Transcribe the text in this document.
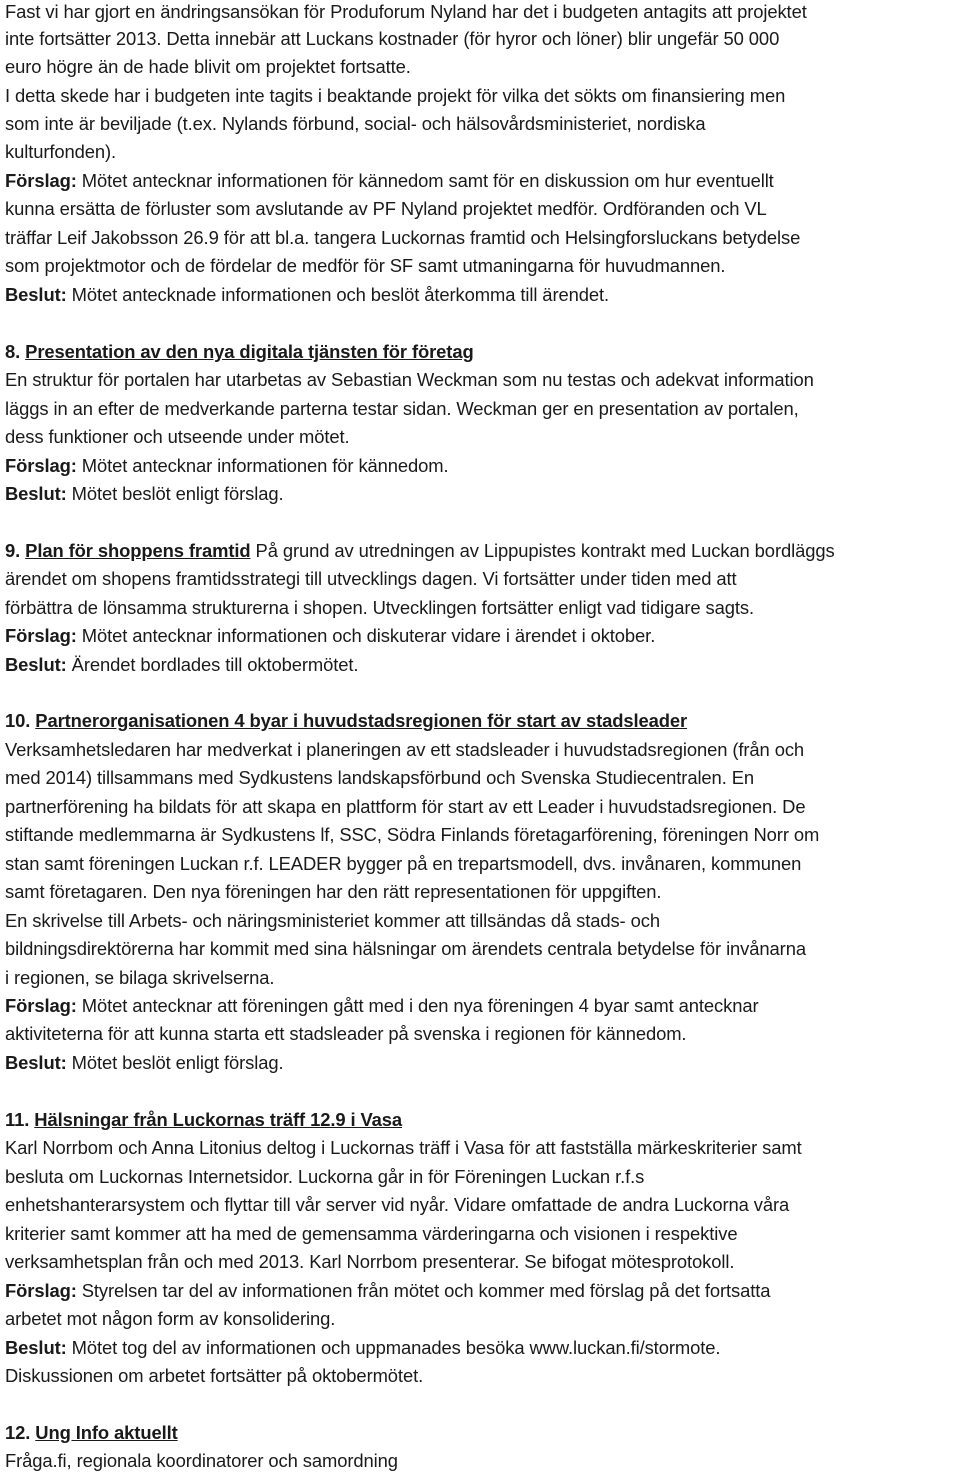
Fast vi har gjort en ändringsansökan för Produforum Nyland har det i budgeten antagits att projektet
inte fortsätter 2013. Detta innebär att Luckans kostnader (för hyror och löner) blir ungefär 50 000
euro högre än de hade blivit om projektet fortsatte.
I detta skede har i budgeten inte tagits i beaktande projekt för vilka det sökts om finansiering men
som inte är beviljade (t.ex. Nylands förbund, social- och hälsovårdsministeriet, nordiska
kulturfonden).
Förslag: Mötet antecknar informationen för kännedom samt för en diskussion om hur eventuellt
kunna ersätta de förluster som avslutande av PF Nyland projektet medför. Ordföranden och VL
träffar Leif Jakobsson 26.9 för att bl.a. tangera Luckornas framtid och Helsingforsluckans betydelse
som projektmotor och de fördelar de medför för SF samt utmaningarna för huvudmannen.
Beslut: Mötet antecknade informationen och beslöt återkomma till ärendet.
8. Presentation av den nya digitala tjänsten för företag
En struktur för portalen har utarbetas av Sebastian Weckman som nu testas och adekvat information
läggs in an efter de medverkande parterna testar sidan. Weckman ger en presentation av portalen,
dess funktioner och utseende under mötet.
Förslag: Mötet antecknar informationen för kännedom.
Beslut: Mötet beslöt enligt förslag.
9. Plan för shoppens framtid På grund av utredningen av Lippupistes kontrakt med Luckan bordläggs
ärendet om shopens framtidsstrategi till utvecklings dagen. Vi fortsätter under tiden med att
förbättra de lönsamma strukturerna i shopen. Utvecklingen fortsätter enligt vad tidigare sagts.
Förslag: Mötet antecknar informationen och diskuterar vidare i ärendet i oktober.
Beslut: Ärendet bordlades till oktobermötet.
10. Partnerorganisationen 4 byar i huvudstadsregionen för start av stadsleader
Verksamhetsledaren har medverkat i planeringen av ett stadsleader i huvudstadsregionen (från och
med 2014) tillsammans med Sydkustens landskapsförbund och Svenska Studiecentralen. En
partnerförening ha bildats för att skapa en plattform för start av ett Leader i huvudstadsregionen. De
stiftande medlemmarna är Sydkustens lf, SSC, Södra Finlands företagarförening, föreningen Norr om
stan samt föreningen Luckan r.f. LEADER bygger på en trepartsmodell, dvs. invånaren, kommunen
samt företagaren. Den nya föreningen har den rätt representationen för uppgiften.
En skrivelse till Arbets- och näringsministeriet kommer att tillsändas då stads- och
bildningsdirektörerna har kommit med sina hälsningar om ärendets centrala betydelse för invånarna
i regionen, se bilaga skrivelserna.
Förslag: Mötet antecknar att föreningen gått med i den nya föreningen 4 byar samt antecknar
aktiviteterna för att kunna starta ett stadsleader på svenska i regionen för kännedom.
Beslut: Mötet beslöt enligt förslag.
11. Hälsningar från Luckornas träff 12.9 i Vasa
Karl Norrbom och Anna Litonius deltog i Luckornas träff i Vasa för att fastställa märkeskriterier samt
besluta om Luckornas Internetsidor. Luckorna går in för Föreningen Luckan r.f.s
enhetshanterarsystem och flyttar till vår server vid nyår. Vidare omfattade de andra Luckorna våra
kriterier samt kommer att ha med de gemensamma värderingarna och visionen i respektive
verksamhetsplan från och med 2013. Karl Norrbom presenterar. Se bifogat mötesprotokoll.
Förslag: Styrelsen tar del av informationen från mötet och kommer med förslag på det fortsatta
arbetet mot någon form av konsolidering.
Beslut: Mötet tog del av informationen och uppmanades besöka www.luckan.fi/stormote.
Diskussionen om arbetet fortsätter på oktobermötet.
12. Ung Info aktuellt
Fråga.fi, regionala koordinatorer och samordning
